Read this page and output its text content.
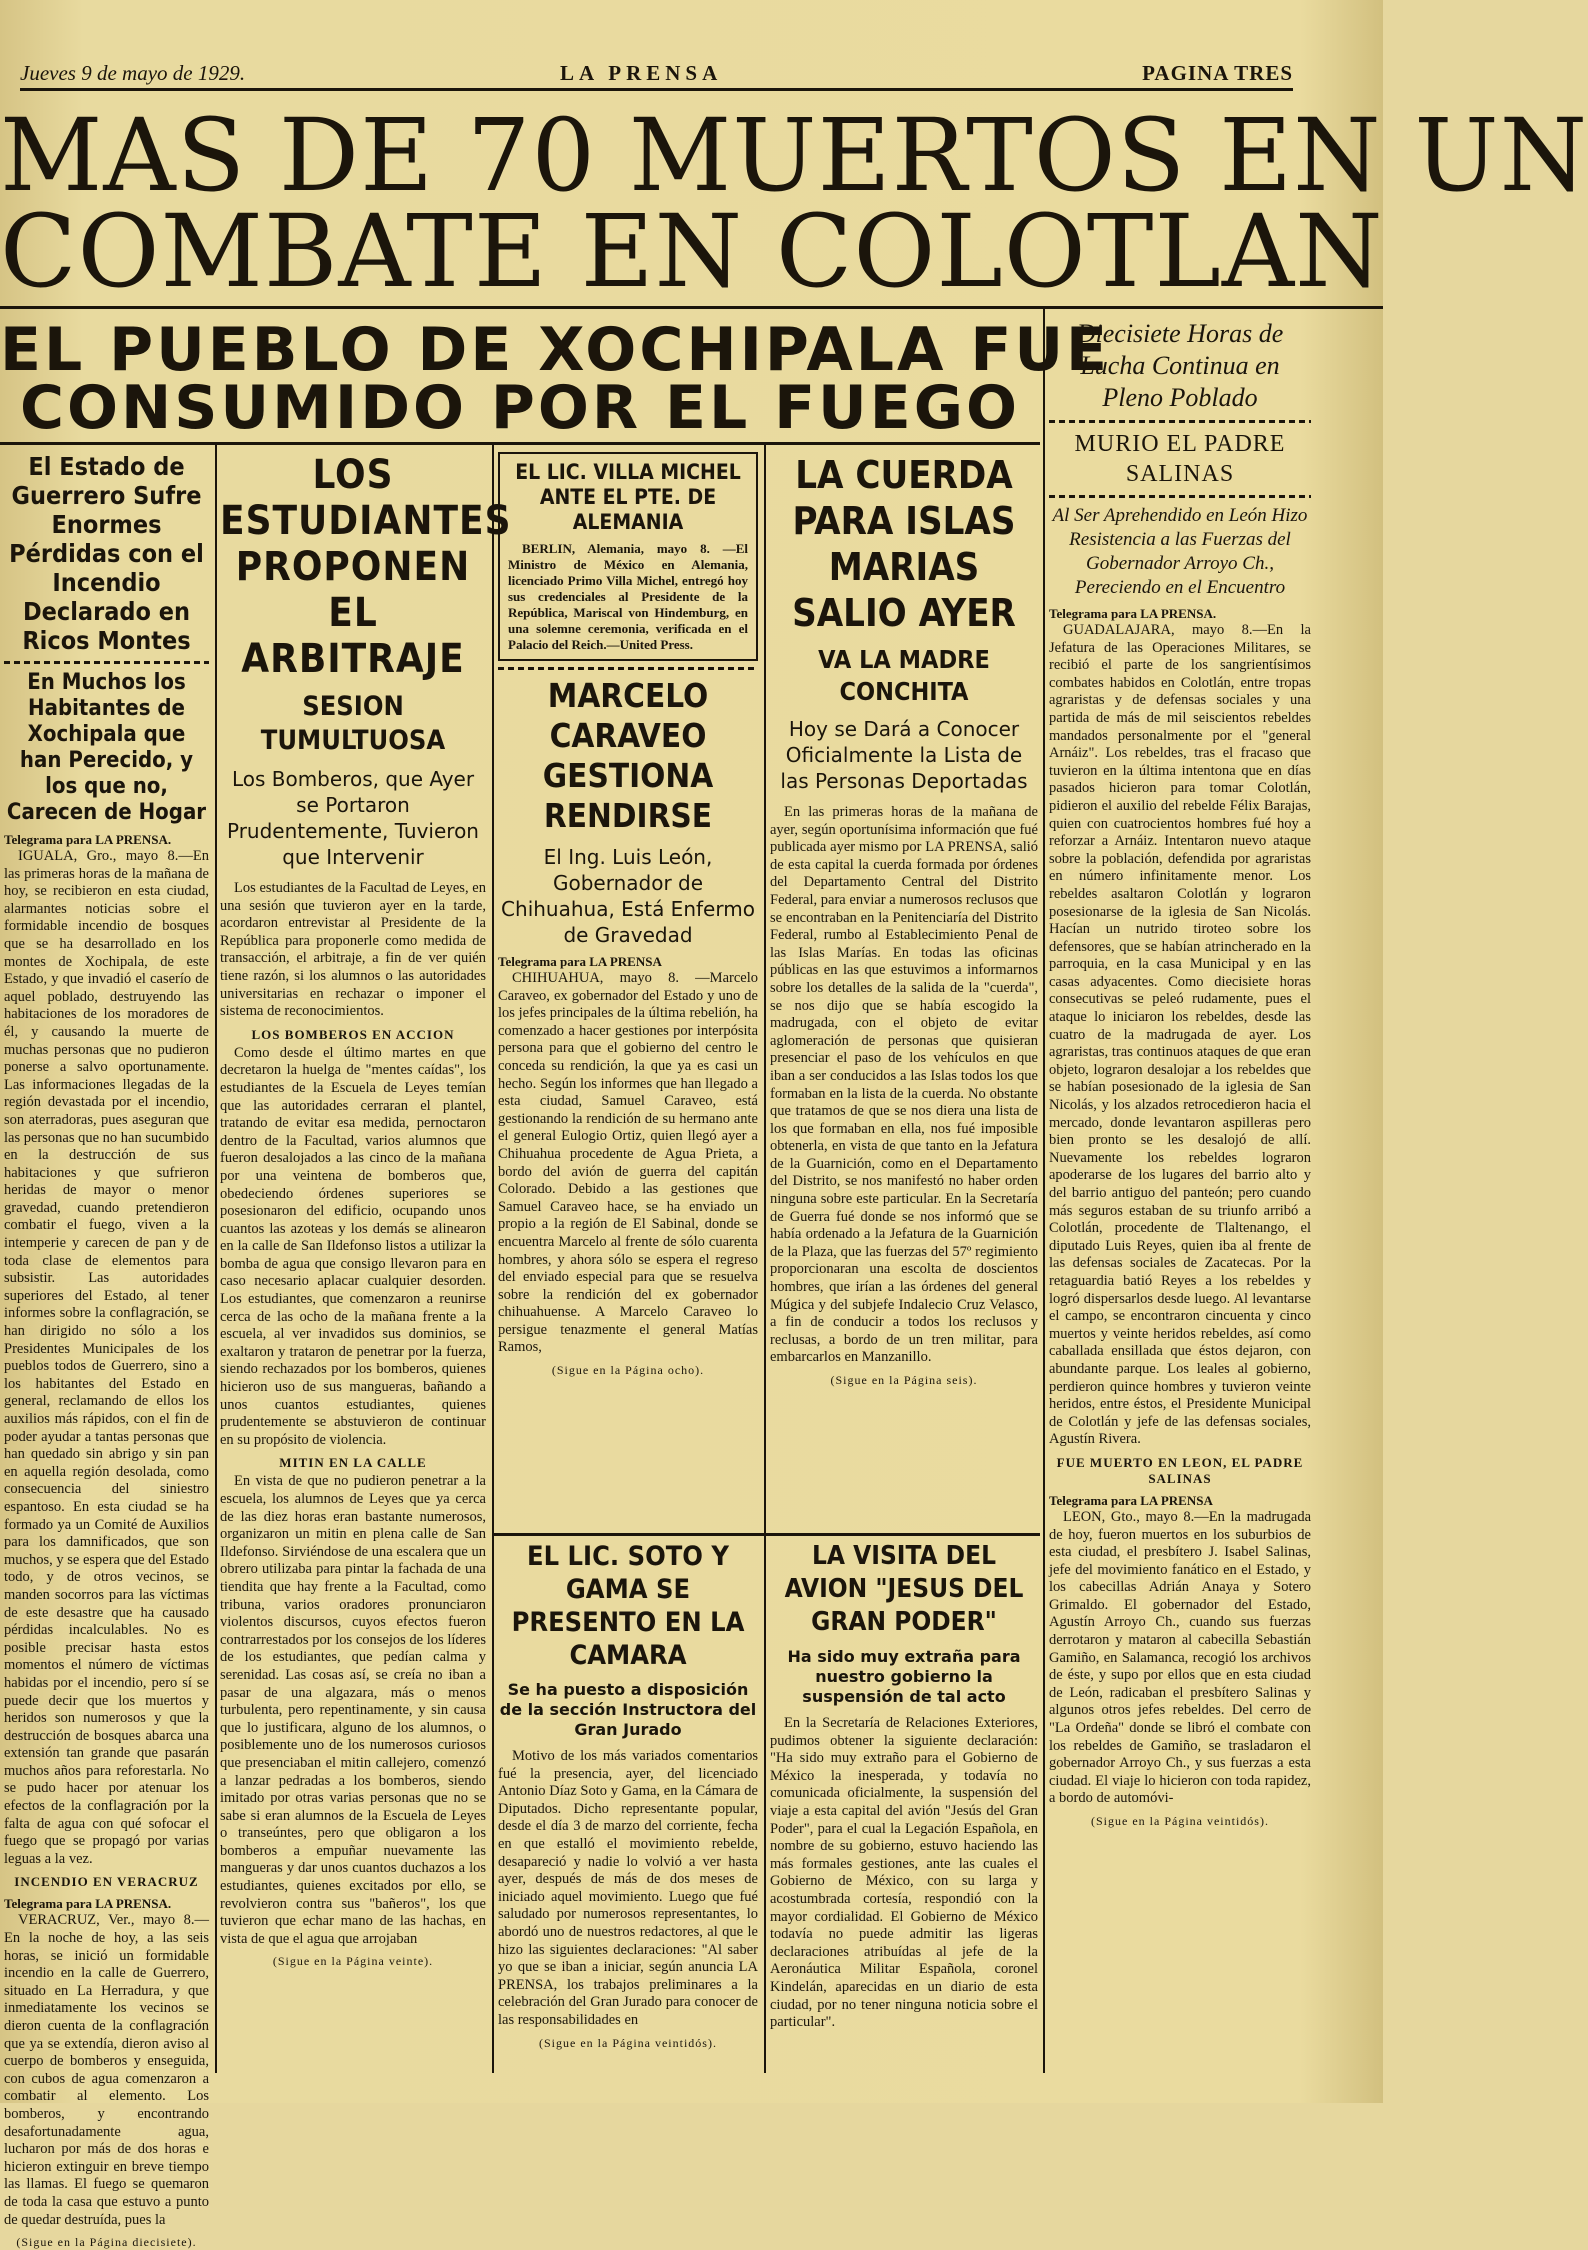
Jueves 9 de mayo de 1929.	LA PRENSA	PAGINA TRES
MAS DE 70 MUERTOS EN UN
COMBATE EN COLOTLAN
EL PUEBLO DE XOCHIPALA FUE
CONSUMIDO POR EL FUEGO
El Estado de Guerrero Sufre Enormes Pérdidas con el Incendio Declarado en Ricos Montes
En Muchos los Habitantes de Xochipala que han Perecido, y los que no, Carecen de Hogar
Telegrama para LA PRENSA.

IGUALA, Gro., mayo 8.—En las primeras horas de la mañana de hoy, se recibieron en esta ciudad, alarmantes noticias sobre el formidable incendio de bosques que se ha desarrollado en los montes de Xochipala, de este Estado, y que invadió el caserío de aquel poblado, destruyendo las habitaciones de los moradores de él, y causando la muerte de muchas personas que no pudieron ponerse a salvo oportunamente. Las informaciones llegadas de la región devastada por el incendio, son aterradoras, pues aseguran que las personas que no han sucumbido en la destrucción de sus habitaciones y que sufrieron heridas de mayor o menor gravedad, cuando pretendieron combatir el fuego, viven a la intemperie y carecen de pan y de toda clase de elementos para subsistir. Las autoridades superiores del Estado, al tener informes sobre la conflagración, se han dirigido no sólo a los Presidentes Municipales de los pueblos todos de Guerrero, sino a los habitantes del Estado en general, reclamando de ellos los auxilios más rápidos, con el fin de poder ayudar a tantas personas que han quedado sin abrigo y sin pan en aquella región desolada, como consecuencia del siniestro espantoso. En esta ciudad se ha formado ya un Comité de Auxilios para los damnificados, que son muchos, y se espera que del Estado todo, y de otros vecinos, se manden socorros para las víctimas de este desastre que ha causado pérdidas incalculables. No es posible precisar hasta estos momentos el número de víctimas habidas por el incendio, pero sí se puede decir que los muertos y heridos son numerosos y que la destrucción de bosques abarca una extensión tan grande que pasarán muchos años para reforestarla. No se pudo hacer por atenuar los efectos de la conflagración por la falta de agua con qué sofocar el fuego que se propagó por varias leguas a la vez.

INCENDIO EN VERACRUZ
Telegrama para LA PRENSA.

VERACRUZ, Ver., mayo 8.—En la noche de hoy, a las seis horas, se inició un formidable incendio en la calle de Guerrero, situado en La Herradura, y que inmediatamente los vecinos se dieron cuenta de la conflagración que ya se extendía, dieron aviso al cuerpo de bomberos y enseguida, con cubos de agua comenzaron a combatir al elemento. Los bomberos, y encontrando desafortunadamente agua, lucharon por más de dos horas e hicieron extinguir en breve tiempo las llamas. El fuego se quemaron de toda la casa que estuvo a punto de quedar destruída, pues la

(Sigue en la Página diecisiete).
LOS ESTUDIANTES PROPONEN EL ARBITRAJE
SESION TUMULTUOSA
Los Bomberos, que Ayer se Portaron Prudentemente, Tuvieron que Intervenir

Los estudiantes de la Facultad de Leyes, en una sesión que tuvieron ayer en la tarde, acordaron entrevistar al Presidente de la República para proponerle como medida de transacción, el arbitraje, a fin de ver quién tiene razón, si los alumnos o las autoridades universitarias en rechazar o imponer el sistema de reconocimientos.

LOS BOMBEROS EN ACCION

Como desde el último martes en que decretaron la huelga de "mentes caídas", los estudiantes de la Escuela de Leyes temían que las autoridades cerraran el plantel, tratando de evitar esa medida, pernoctaron dentro de la Facultad, varios alumnos que fueron desalojados a las cinco de la mañana por una veintena de bomberos que, obedeciendo órdenes superiores se posesionaron del edificio, ocupando unos cuantos las azoteas y los demás se alinearon en la calle de San Ildefonso listos a utilizar la bomba de agua que consigo llevaron para en caso necesario aplacar cualquier desorden. Los estudiantes, que comenzaron a reunirse cerca de las ocho de la mañana frente a la escuela, al ver invadidos sus dominios, se exaltaron y trataron de penetrar por la fuerza, siendo rechazados por los bomberos, quienes hicieron uso de sus mangueras, bañando a unos cuantos estudiantes, quienes prudentemente se abstuvieron de continuar en su propósito de violencia.

MITIN EN LA CALLE

En vista de que no pudieron penetrar a la escuela, los alumnos de Leyes que ya cerca de las diez horas eran bastante numerosos, organizaron un mitin en plena calle de San Ildefonso. Sirviéndose de una escalera que un obrero utilizaba para pintar la fachada de una tiendita que hay frente a la Facultad, como tribuna, varios oradores pronunciaron violentos discursos, cuyos efectos fueron contrarrestados por los consejos de los líderes de los estudiantes, que pedían calma y serenidad. Las cosas así, se creía no iban a pasar de una algazara, más o menos turbulenta, pero repentinamente, y sin causa que lo justificara, alguno de los alumnos, o posiblemente uno de los numerosos curiosos que presenciaban el mitin callejero, comenzó a lanzar pedradas a los bomberos, siendo imitado por otras varias personas que no se sabe si eran alumnos de la Escuela de Leyes o transeúntes, pero que obligaron a los bomberos a empuñar nuevamente las mangueras y dar unos cuantos duchazos a los estudiantes, quienes excitados por ello, se revolvieron contra sus "bañeros", los que tuvieron que echar mano de las hachas, en vista de que el agua que arrojaban

(Sigue en la Página veinte).
EL LIC. VILLA MICHEL ANTE EL PTE. DE ALEMANIA

BERLIN, Alemania, mayo 8. —El Ministro de México en Alemania, licenciado Primo Villa Michel, entregó hoy sus credenciales al Presidente de la República, Mariscal von Hindemburg, en una solemne ceremonia, verificada en el Palacio del Reich.—United Press.

MARCELO CARAVEO GESTIONA RENDIRSE
El Ing. Luis León, Gobernador de Chihuahua, Está Enfermo de Gravedad
Telegrama para LA PRENSA

CHIHUAHUA, mayo 8. —Marcelo Caraveo, ex gobernador del Estado y uno de los jefes principales de la última rebelión, ha comenzado a hacer gestiones por interpósita persona para que el gobierno del centro le conceda su rendición, la que ya es casi un hecho. Según los informes que han llegado a esta ciudad, Samuel Caraveo, está gestionando la rendición de su hermano ante el general Eulogio Ortiz, quien llegó ayer a Chihuahua procedente de Agua Prieta, a bordo del avión de guerra del capitán Colorado. Debido a las gestiones que Samuel Caraveo hace, se ha enviado un propio a la región de El Sabinal, donde se encuentra Marcelo al frente de sólo cuarenta hombres, y ahora sólo se espera el regreso del enviado especial para que se resuelva sobre la rendición del ex gobernador chihuahuense. A Marcelo Caraveo lo persigue tenazmente el general Matías Ramos,

(Sigue en la Página ocho).
LA CUERDA PARA ISLAS MARIAS SALIO AYER
VA LA MADRE CONCHITA
Hoy se Dará a Conocer Oficialmente la Lista de las Personas Deportadas

En las primeras horas de la mañana de ayer, según oportunísima información que fué publicada ayer mismo por LA PRENSA, salió de esta capital la cuerda formada por órdenes del Departamento Central del Distrito Federal, para enviar a numerosos reclusos que se encontraban en la Penitenciaría del Distrito Federal, rumbo al Establecimiento Penal de las Islas Marías. En todas las oficinas públicas en las que estuvimos a informarnos sobre los detalles de la salida de la "cuerda", se nos dijo que se había escogido la madrugada, con el objeto de evitar aglomeración de personas que quisieran presenciar el paso de los vehículos en que iban a ser conducidos a las Islas todos los que formaban en la lista de la cuerda. No obstante que tratamos de que se nos diera una lista de los que formaban en ella, nos fué imposible obtenerla, en vista de que tanto en la Jefatura de la Guarnición, como en el Departamento del Distrito, se nos manifestó no haber orden ninguna sobre este particular. En la Secretaría de Guerra fué donde se nos informó que se había ordenado a la Jefatura de la Guarnición de la Plaza, que las fuerzas del 57º regimiento proporcionaran una escolta de doscientos hombres, que irían a las órdenes del general Múgica y del subjefe Indalecio Cruz Velasco, a fin de conducir a todos los reclusos y reclusas, a bordo de un tren militar, para embarcarlos en Manzanillo.

(Sigue en la Página seis).
EL LIC. SOTO Y GAMA SE PRESENTO EN LA CAMARA
Se ha puesto a disposición de la sección Instructora del Gran Jurado

Motivo de los más variados comentarios fué la presencia, ayer, del licenciado Antonio Díaz Soto y Gama, en la Cámara de Diputados. Dicho representante popular, desde el día 3 de marzo del corriente, fecha en que estalló el movimiento rebelde, desapareció y nadie lo volvió a ver hasta ayer, después de más de dos meses de iniciado aquel movimiento. Luego que fué saludado por numerosos representantes, lo abordó uno de nuestros redactores, al que le hizo las siguientes declaraciones: "Al saber yo que se iban a iniciar, según anuncia LA PRENSA, los trabajos preliminares a la celebración del Gran Jurado para conocer de las responsabilidades en

(Sigue en la Página veintidós).
LA VISITA DEL AVION "JESUS DEL GRAN PODER"
Ha sido muy extraña para nuestro gobierno la suspensión de tal acto

En la Secretaría de Relaciones Exteriores, pudimos obtener la siguiente declaración: "Ha sido muy extraño para el Gobierno de México la inesperada, y todavía no comunicada oficialmente, la suspensión del viaje a esta capital del avión "Jesús del Gran Poder", para el cual la Legación Española, en nombre de su gobierno, estuvo haciendo las más formales gestiones, ante las cuales el Gobierno de México, con su larga y acostumbrada cortesía, respondió con la mayor cordialidad. El Gobierno de México todavía no puede admitir las ligeras declaraciones atribuídas al jefe de la Aeronáutica Militar Española, coronel Kindelán, aparecidas en un diario de esta ciudad, por no tener ninguna noticia sobre el particular".

Diecisiete Horas de Lucha Continua en Pleno Poblado
MURIO EL PADRE SALINAS
Al Ser Aprehendido en León Hizo Resistencia a las Fuerzas del Gobernador Arroyo Ch., Pereciendo en el Encuentro
Telegrama para LA PRENSA.

GUADALAJARA, mayo 8.—En la Jefatura de las Operaciones Militares, se recibió el parte de los sangrientísimos combates habidos en Colotlán, entre tropas agraristas y de defensas sociales y una partida de más de mil seiscientos rebeldes mandados personalmente por el "general Arnáiz". Los rebeldes, tras el fracaso que tuvieron en la última intentona que en días pasados hicieron para tomar Colotlán, pidieron el auxilio del rebelde Félix Barajas, quien con cuatrocientos hombres fué hoy a reforzar a Arnáiz. Intentaron nuevo ataque sobre la población, defendida por agraristas en número infinitamente menor. Los rebeldes asaltaron Colotlán y lograron posesionarse de la iglesia de San Nicolás. Hacían un nutrido tiroteo sobre los defensores, que se habían atrincherado en la parroquia, en la casa Municipal y en las casas adyacentes. Como diecisiete horas consecutivas se peleó rudamente, pues el ataque lo iniciaron los rebeldes, desde las cuatro de la madrugada de ayer. Los agraristas, tras continuos ataques de que eran objeto, lograron desalojar a los rebeldes que se habían posesionado de la iglesia de San Nicolás, y los alzados retrocedieron hacia el mercado, donde levantaron aspilleras pero bien pronto se les desalojó de allí. Nuevamente los rebeldes lograron apoderarse de los lugares del barrio alto y del barrio antiguo del panteón; pero cuando más seguros estaban de su triunfo arribó a Colotlán, procedente de Tlaltenango, el diputado Luis Reyes, quien iba al frente de las defensas sociales de Zacatecas. Por la retaguardia batió Reyes a los rebeldes y logró dispersarlos desde luego. Al levantarse el campo, se encontraron cincuenta y cinco muertos y veinte heridos rebeldes, así como caballada ensillada que éstos dejaron, con abundante parque. Los leales al gobierno, perdieron quince hombres y tuvieron veinte heridos, entre éstos, el Presidente Municipal de Colotlán y jefe de las defensas sociales, Agustín Rivera.

FUE MUERTO EN LEON, EL PADRE SALINAS
Telegrama para LA PRENSA

LEON, Gto., mayo 8.—En la madrugada de hoy, fueron muertos en los suburbios de esta ciudad, el presbítero J. Isabel Salinas, jefe del movimiento fanático en el Estado, y los cabecillas Adrián Anaya y Sotero Grimaldo. El gobernador del Estado, Agustín Arroyo Ch., cuando sus fuerzas derrotaron y mataron al cabecilla Sebastián Gamiño, en Salamanca, recogió los archivos de éste, y supo por ellos que en esta ciudad de León, radicaban el presbítero Salinas y algunos otros jefes rebeldes. Del cerro de "La Ordeña" donde se libró el combate con los rebeldes de Gamiño, se trasladaron el gobernador Arroyo Ch., y sus fuerzas a esta ciudad. El viaje lo hicieron con toda rapidez, a bordo de automóvi-

(Sigue en la Página veintidós).
